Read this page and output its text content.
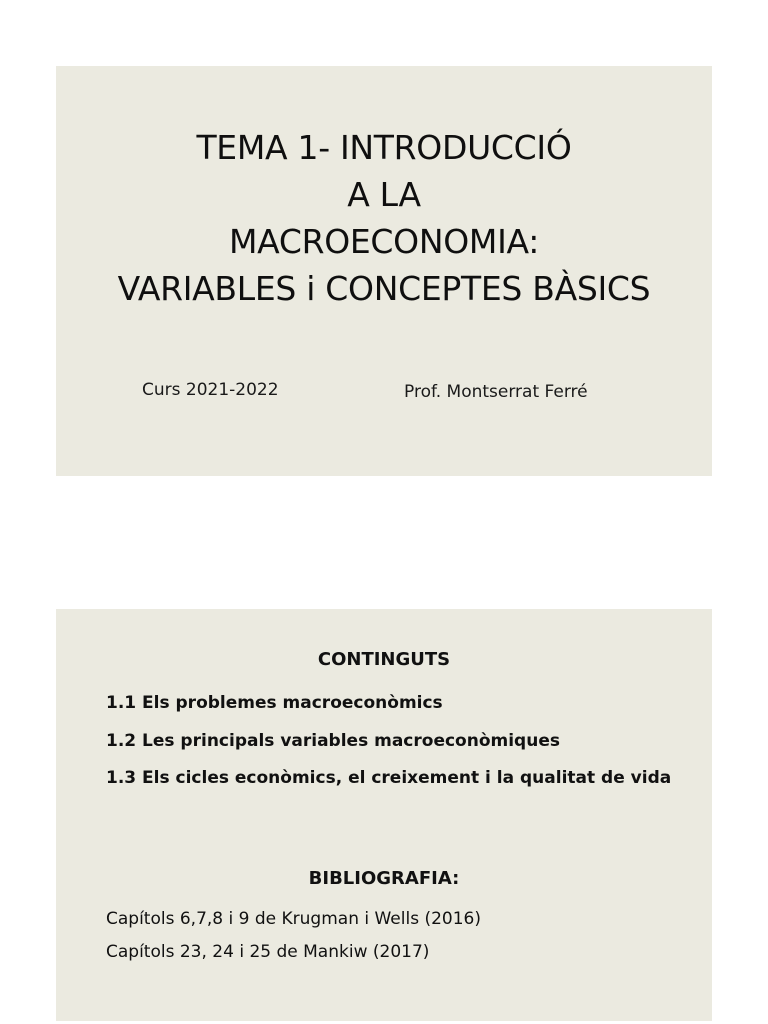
TEMA 1- INTRODUCCIÓ
A LA
MACROECONOMIA:
VARIABLES i CONCEPTES BÀSICS
Curs 2021-2022	Prof. Montserrat Ferré
CONTINGUTS
1.1 Els problemes macroeconòmics
1.2 Les principals variables macroeconòmiques
1.3 Els cicles econòmics, el creixement i la qualitat de vida
BIBLIOGRAFIA:
Capítols 6,7,8 i 9 de Krugman i Wells (2016)
Capítols 23, 24 i 25 de Mankiw (2017)
